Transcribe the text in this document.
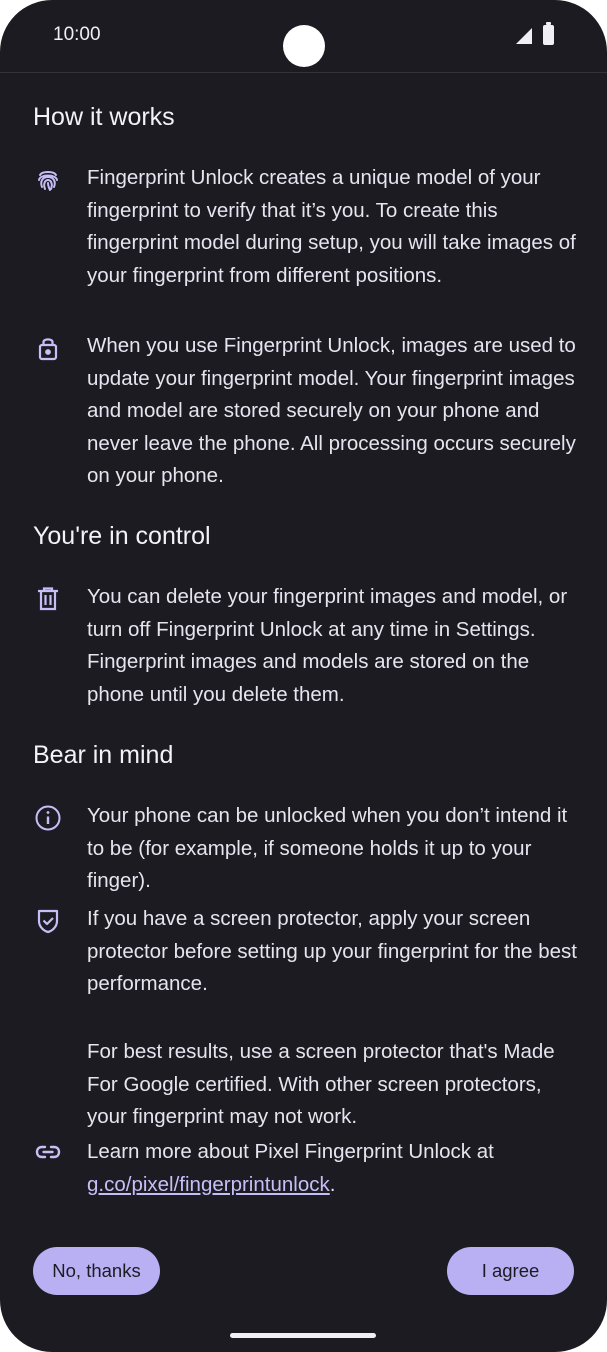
10:00
How it works

Fingerprint Unlock creates a unique model of your fingerprint to verify that it’s you. To create this fingerprint model during setup, you will take images of your fingerprint from different positions.

When you use Fingerprint Unlock, images are used to update your fingerprint model. Your fingerprint images and model are stored securely on your phone and never leave the phone. All processing occurs securely on your phone.

You're in control

You can delete your fingerprint images and model, or turn off Fingerprint Unlock at any time in Settings. Fingerprint images and models are stored on the phone until you delete them.

Bear in mind

Your phone can be unlocked when you don’t intend it to be (for example, if someone holds it up to your finger).

If you have a screen protector, apply your screen protector before setting up your fingerprint for the best performance.

For best results, use a screen protector that's Made For Google certified. With other screen protectors, your fingerprint may not work.

Learn more about Pixel Fingerprint Unlock at g.co/pixel/fingerprintunlock.

No, thanks	I agree
